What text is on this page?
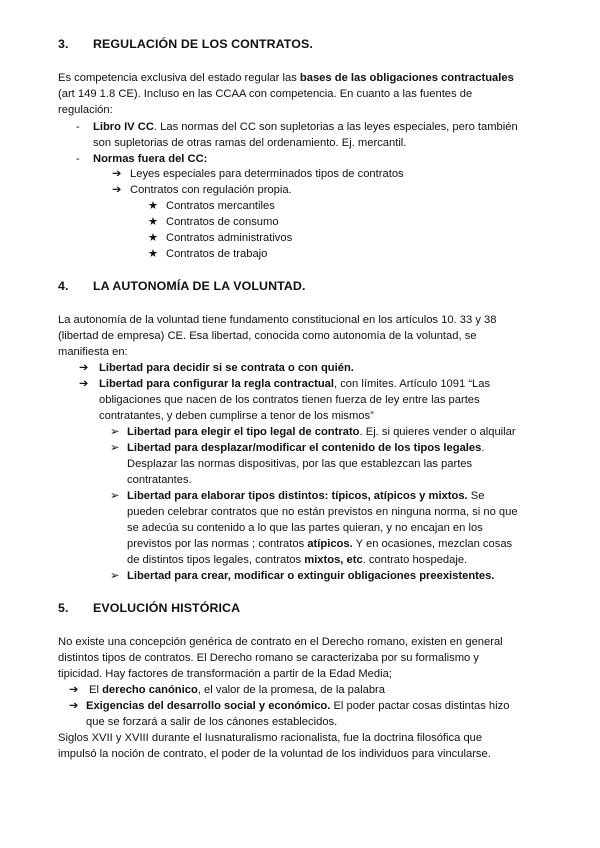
3. REGULACIÓN DE LOS CONTRATOS.
Es competencia exclusiva del estado regular las bases de las obligaciones contractuales
(art 149 1.8 CE). Incluso en las CCAA con competencia. En cuanto a las fuentes de
regulación:
- Libro IV CC. Las normas del CC son supletorias a las leyes especiales, pero también
son supletorias de otras ramas del ordenamiento. Ej. mercantil.
- Normas fuera del CC:
➔ Leyes especiales para determinados tipos de contratos
➔ Contratos con regulación propia.
★ Contratos mercantiles
★ Contratos de consumo
★ Contratos administrativos
★ Contratos de trabajo
4. LA AUTONOMÍA DE LA VOLUNTAD.
La autonomía de la voluntad tiene fundamento constitucional en los artículos 10. 33 y 38
(libertad de empresa) CE. Esa libertad, conocida como autonomía de la voluntad, se
manifiesta en:
➔ Libertad para decidir si se contrata o con quién.
➔ Libertad para configurar la regla contractual, con límites. Artículo 1091 “Las
obligaciones que nacen de los contratos tienen fuerza de ley entre las partes
contratantes, y deben cumplirse a tenor de los mismos”
➢ Libertad para elegir el tipo legal de contrato. Ej. si quieres vender o alquilar
➢ Libertad para desplazar/modificar el contenido de los tipos legales.
Desplazar las normas dispositivas, por las que establezcan las partes
contratantes.
➢ Libertad para elaborar tipos distintos: típicos, atípicos y mixtos. Se
pueden celebrar contratos que no están previstos en ninguna norma, si no que
se adecúa su contenido a lo que las partes quieran, y no encajan en los
previstos por las normas ; contratos atípicos. Y en ocasiones, mezclan cosas
de distintos tipos legales, contratos mixtos, etc. contrato hospedaje.
➢ Libertad para crear, modificar o extinguir obligaciones preexistentes.
5. EVOLUCIÓN HISTÓRICA
No existe una concepción genérica de contrato en el Derecho romano, existen en general
distintos tipos de contratos. El Derecho romano se caracterizaba por su formalismo y
tipicidad. Hay factores de transformación a partir de la Edad Media;
➔ El derecho canónico, el valor de la promesa, de la palabra
➔ Exigencias del desarrollo social y económico. El poder pactar cosas distintas hizo
que se forzará a salir de los cánones establecidos.
Siglos XVII y XVIII durante el Iusnaturalismo racionalista, fue la doctrina filosófica que
impulsó la noción de contrato, el poder de la voluntad de los individuos para vincularse.
